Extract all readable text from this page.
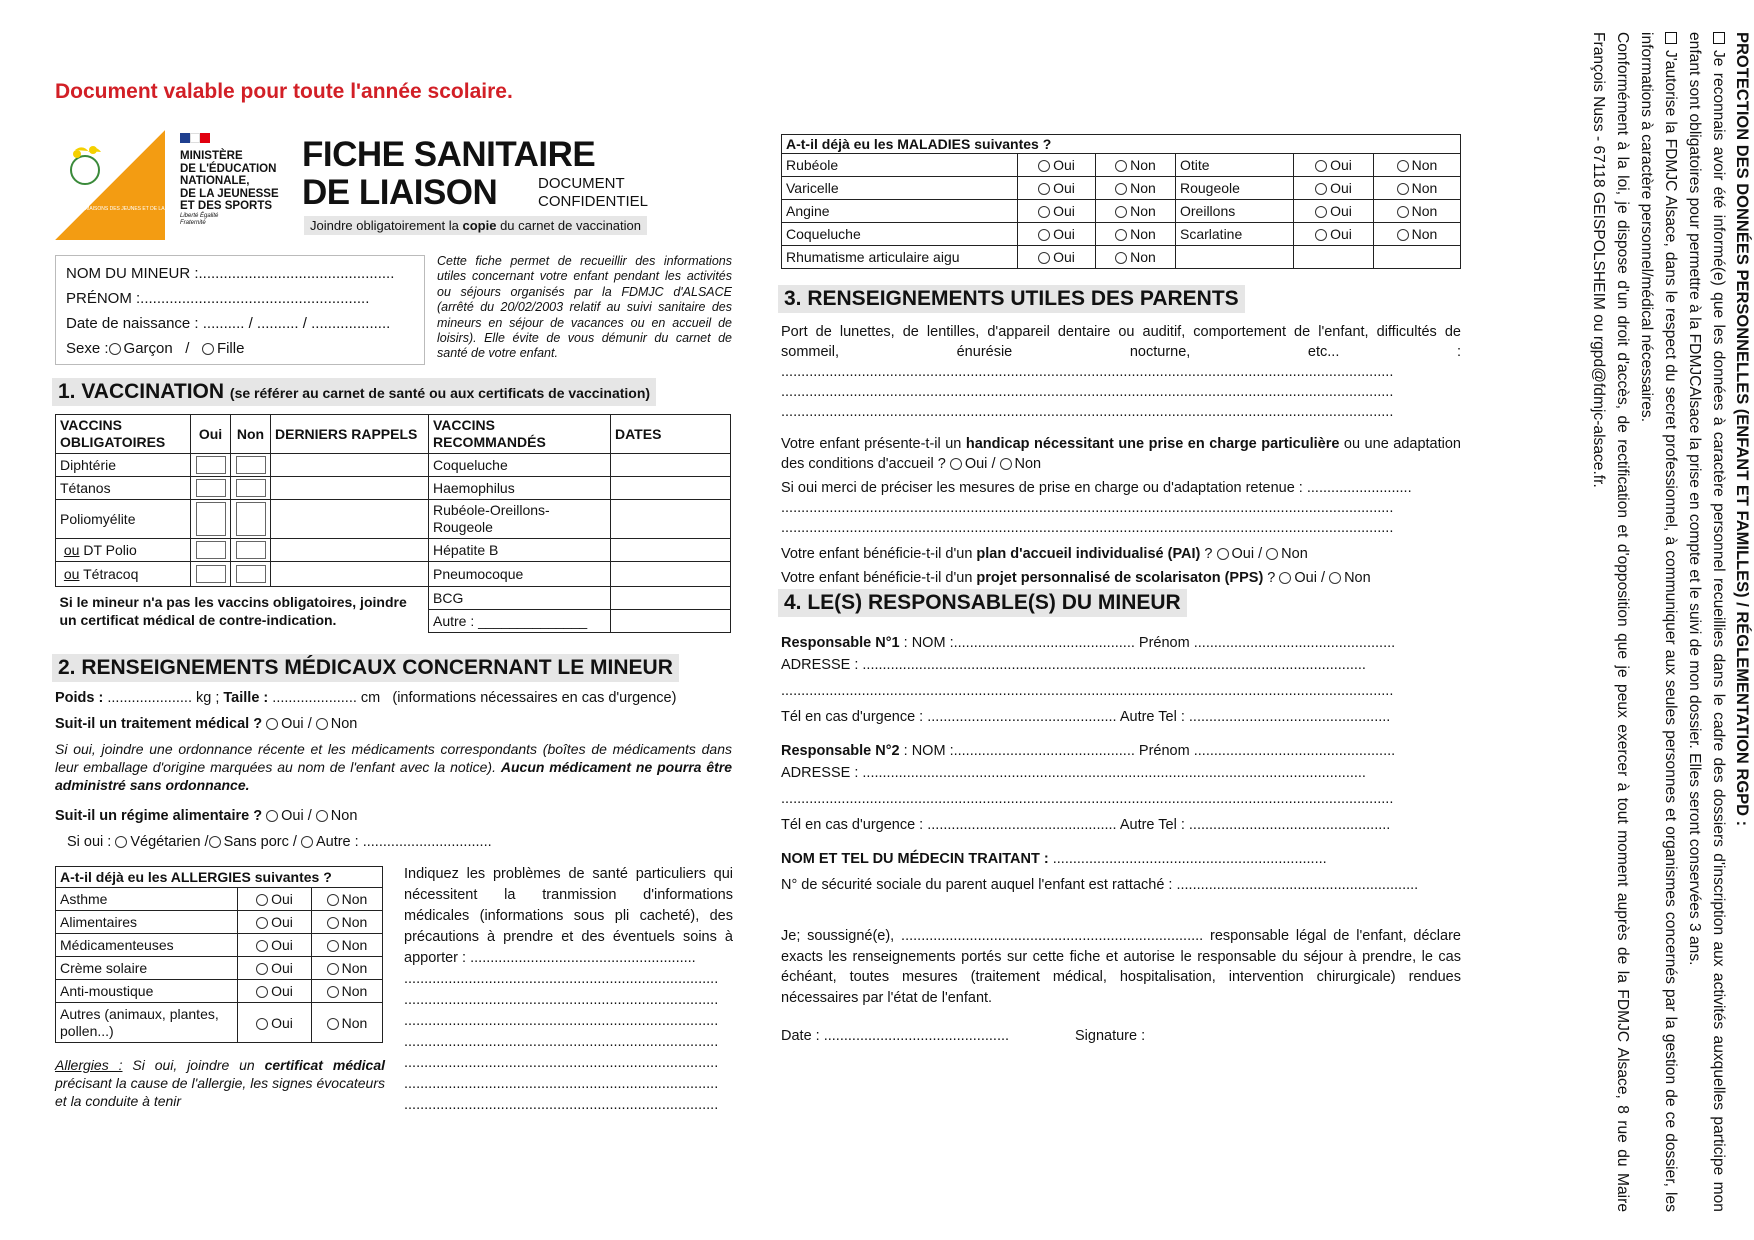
Document valable pour toute l'année scolaire.
FÉDÉRATION DES MAISONS DES JEUNES ET DE LA CULTURE ALSACE
MINISTÈRE
DE L'ÉDUCATION
NATIONALE,
DE LA JEUNESSE
ET DES SPORTS
Liberté Égalité Fraternité
FICHE SANITAIRE
DE LIAISON	DOCUMENT
CONFIDENTIEL
Joindre obligatoirement la copie du carnet de vaccination
NOM DU MINEUR :...............................................
PRÉNOM :.......................................................
Date de naissance : .......... / .......... / ...................
Sexe : Garçon / Fille
Cette fiche permet de recueillir des informations utiles concernant votre enfant pendant les activités ou séjours organisés par la FDMJC d'ALSACE (arrêté du 20/02/2003 relatif au suivi sanitaire des mineurs en séjour de vacances ou en accueil de loisirs). Elle évite de vous démunir du carnet de santé de votre enfant.
1. VACCINATION (se référer au carnet de santé ou aux certificats de vaccination)
VACCINS OBLIGATOIRES	Oui	Non	DERNIERS RAPPELS	VACCINS RECOMMANDÉS	DATES
Diphtérie				Coqueluche	
Tétanos				Haemophilus	
Poliomyélite				Rubéole-Oreillons-Rougeole	
ou DT Polio				Hépatite B	
ou Tétracoq				Pneumocoque	
Si le mineur n'a pas les vaccins obligatoires, joindre un certificat médical de contre-indication.				BCG	
				Autre : ______________	
2. RENSEIGNEMENTS MÉDICAUX CONCERNANT LE MINEUR
Poids : ..................... kg ; Taille : ..................... cm (informations nécessaires en cas d'urgence)
Suit-il un traitement médical ? Oui / Non
Si oui, joindre une ordonnance récente et les médicaments correspondants (boîtes de médicaments dans leur emballage d'origine marquées au nom de l'enfant avec la notice). Aucun médicament ne pourra être administré sans ordonnance.
Suit-il un régime alimentaire ? Oui / Non
Si oui : Végétarien / Sans porc / Autre : ................................
A-t-il déjà eu les ALLERGIES suivantes ?		
Asthme	Oui	Non
Alimentaires	Oui	Non
Médicamenteuses	Oui	Non
Crème solaire	Oui	Non
Anti-moustique	Oui	Non
Autres (animaux, plantes, pollen...)	Oui	Non
Allergies : Si oui, joindre un certificat médical précisant la cause de l'allergie, les signes évocateurs et la conduite à tenir
Indiquez les problèmes de santé particuliers qui nécessitent la tranmission d'informations médicales (informations sous pli cacheté), des précautions à prendre et des éventuels soins à apporter : ........................................................
..............................................................................
..............................................................................
..............................................................................
..............................................................................
..............................................................................
..............................................................................
..............................................................................
A-t-il déjà eu les MALADIES suivantes ?					
Rubéole	Oui	Non	Otite	Oui	Non
Varicelle	Oui	Non	Rougeole	Oui	Non
Angine	Oui	Non	Oreillons	Oui	Non
Coqueluche	Oui	Non	Scarlatine	Oui	Non
Rhumatisme articulaire aigu	Oui	Non			
3. RENSEIGNEMENTS UTILES DES PARENTS
Port de lunettes, de lentilles, d'appareil dentaire ou auditif, comportement de l'enfant, difficultés de sommeil, énurésie nocturne, etc... : ........................................................................................................................................................
........................................................................................................................................................
........................................................................................................................................................
Votre enfant présente-t-il un handicap nécessitant une prise en charge particulière ou une adaptation des conditions d'accueil ? Oui / Non
Si oui merci de préciser les mesures de prise en charge ou d'adaptation retenue : ..........................
........................................................................................................................................................
........................................................................................................................................................
Votre enfant bénéficie-t-il d'un plan d'accueil individualisé (PAI) ? Oui / Non
Votre enfant bénéficie-t-il d'un projet personnalisé de scolarisaton (PPS) ? Oui / Non
4. LE(S) RESPONSABLE(S) DU MINEUR
Responsable N°1 : NOM :............................................. Prénom ..................................................
ADRESSE : .............................................................................................................................
........................................................................................................................................................
Tél en cas d'urgence : ............................................... Autre Tel : ..................................................
Responsable N°2 : NOM :............................................. Prénom ..................................................
ADRESSE : .............................................................................................................................
........................................................................................................................................................
Tél en cas d'urgence : ............................................... Autre Tel : ..................................................
NOM ET TEL DU MÉDECIN TRAITANT : ....................................................................
N° de sécurité sociale du parent auquel l'enfant est rattaché : ............................................................
Je; soussigné(e), ........................................................................... responsable légal de l'enfant, déclare exacts les renseignements portés sur cette fiche et autorise le responsable du séjour à prendre, le cas échéant, toutes mesures (traitement médical, hospitalisation, intervention chirurgicale) rendues nécessaires par l'état de l'enfant.
Date : ..............................................	Signature :

PROTECTION DES DONNÉES PERSONNELLES (ENFANT ET FAMILLES) / RÉGLEMENTATION RGPD :

Je reconnais avoir été informé(e) que les données à caractère personnel recueillies dans le cadre des dossiers d'inscription aux activités auxquelles participe mon enfant sont obligatoires pour permettre à la FDMJCAlsace la prise en compte et le suivi de mon dossier. Elles seront conservées 3 ans.

J'autorise la FDMJC Alsace, dans le respect du secret professionnel, à communiquer aux seules personnes et organismes concernés par la gestion de ce dossier, les informations à caractère personnel/médical nécessaires.

Conformément à la loi, je dispose d'un droit d'accès, de rectification et d'opposition que je peux exercer à tout moment auprès de la FDMJC Alsace, 8 rue du Maire François Nuss - 67118 GEISPOLSHEIM ou rgpd@fdmjc-alsace.fr.
